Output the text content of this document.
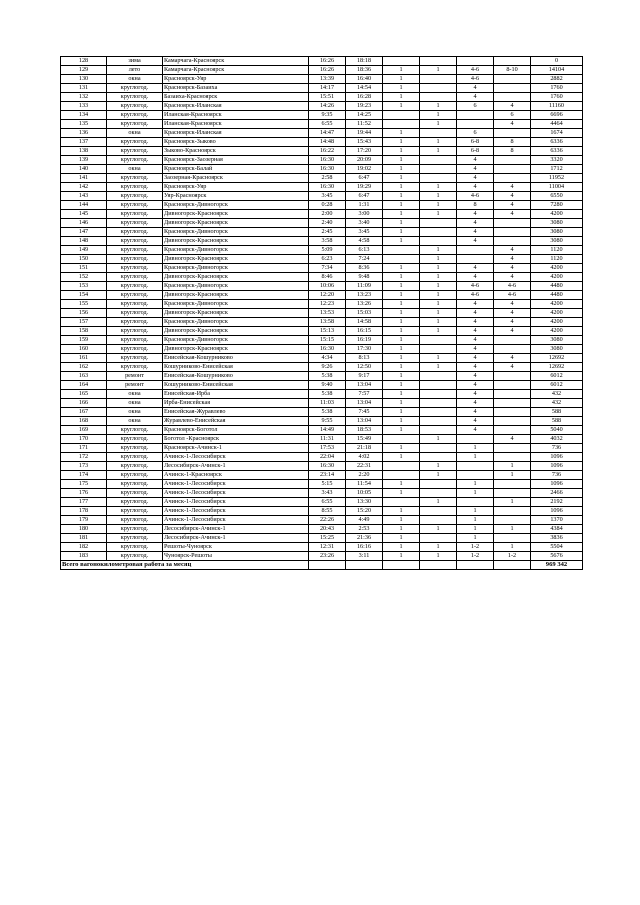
128	зима	Камарчага-Красноярск	16:26	18:18					0
129	лето	Камарчага-Красноярск	16:26	18:36	1	1	4-6	8-10	14104
130	окна	Красноярск-Уяр	13:39	16:40	1		4-6		2882
131	круглогод.	Красноярск-Базаиха	14:17	14:54	1		4		1760
132	круглогод.	Базаиха-Красноярск	15:51	16:28	1		4		1760
133	круглогод.	Красноярск-Иланская	14:26	19:23	1	1	6	4	11160
134	круглогод.	Иланская-Красноярск	9:35	14:25		1		6	6696
135	круглогод.	Иланская-Красноярск	6:55	11:52		1		4	4464
136	окна	Красноярск-Иланская	14:47	19:44	1		6		1674
137	круглогод.	Красноярск-Зыково	14:48	15:43	1	1	6-8	8	6336
138	круглогод.	Зыково-Красноярск	16:22	17:20	1	1	6-8	8	6336
139	круглогод.	Красноярск-Заозерная	16:30	20:09	1		4		3320
140	окна	Красноярск-Балай	16:30	19:02	1		4		1712
141	круглогод.	Заозерная-Красноярск	2:58	6:47	1		4		11952
142	круглогод.	Красноярск-Уяр	16:30	19:29	1	1	4	4	11004
143	круглогод.	Уяр-Красноярск	3:45	6:47	1	1	4-6	4	6550
144	круглогод.	Красноярск-Дивногорск	0:28	1:31	1	1	8	4	7280
145	круглогод.	Дивногорск-Красноярск	2:00	3:00	1	1	4	4	4200
146	круглогод.	Дивногорск-Красноярск	2:40	3:40	1		4		3080
147	круглогод.	Красноярск-Дивногорск	2:45	3:45	1		4		3080
148	круглогод.	Дивногорск-Красноярск	3:58	4:58	1		4		3080
149	круглогод.	Красноярск-Дивногорск	5:09	6:13		1		4	1120
150	круглогод.	Дивногорск-Красноярск	6:23	7:24		1		4	1120
151	круглогод.	Красноярск-Дивногорск	7:34	8:36	1	1	4	4	4200
152	круглогод.	Дивногорск-Красноярск	8:46	9:48	1	1	4	4	4200
153	круглогод.	Красноярск-Дивногорск	10:06	11:09	1	1	4-6	4-6	4480
154	круглогод.	Дивногорск-Красноярск	12:20	13:23	1	1	4-6	4-6	4480
155	круглогод.	Красноярск-Дивногорск	12:23	13:26	1	1	4	4	4200
156	круглогод.	Дивногорск-Красноярск	13:53	15:03	1	1	4	4	4200
157	круглогод.	Красноярск-Дивногорск	13:58	14:58	1	1	4	4	4200
158	круглогод.	Дивногорск-Красноярск	15:13	16:15	1	1	4	4	4200
159	круглогод.	Красноярск-Дивногорск	15:15	16:19	1		4		3080
160	круглогод.	Дивногорск-Красноярск	16:30	17:30	1		4		3080
161	круглогод.	Енисейская-Кошурниково	4:34	8:13	1	1	4	4	12692
162	круглогод.	Кошурниково-Енисейская	9:26	12:50	1	1	4	4	12692
163	ремонт	Енисейская-Кошурниково	5:38	9:17	1		4		6012
164	ремонт	Кошурниково-Енисейская	9:40	13:04	1		4		6012
165	окна	Енисейская-Ирба	5:38	7:57	1		4		432
166	окна	Ирба-Енисейская	11:03	13:04	1		4		432
167	окна	Енисейская-Журавлево	5:38	7:45	1		4		588
168	окна	Журавлево-Енисейская	9:55	13:04	1		4		588
169	круглогод.	Красноярск-Боготол	14:49	18:53	1		4		5040
170	круглогод.	Боготол -Красноярск	11:31	15:49		1		4	4032
171	круглогод.	Красноярск-Ачинск-1	17:53	21:18	1		1		736
172	круглогод.	Ачинск-1-Лесосибирск	22:04	4:02	1		1		1096
173	круглогод.	Лесосибирск-Ачинск-1	16:30	22:31		1		1	1096
174	круглогод.	Ачинск-1-Красноярск	23:14	2:20		1		1	736
175	круглогод.	Ачинск-1-Лесосибирск	5:15	11:54	1		1		1096
176	круглогод.	Ачинск-1-Лесосибирск	3:43	10:05	1		1		2466
177	круглогод.	Ачинск-1-Лесосибирск	6:55	13:30		1		1	2192
178	круглогод.	Ачинск-1-Лесосибирск	8:55	15:20	1		1		1096
179	круглогод.	Ачинск-1-Лесосибирск	22:26	4:49	1		1		1370
180	круглогод.	Лесосибирск-Ачинск-1	20:43	2:53	1	1	1	1	4384
181	круглогод.	Лесосибирск-Ачинск-1	15:25	21:36	1		1		3836
182	круглогод.	Решоты-Чуноярск	12:31	16:16	1	1	1-2	1	5504
183	круглогод.	Чуноярск-Решоты	23:26	3:11	1	1	1-2	1-2	5676
Всего вагонокилометровая работа за месяц									969 342
